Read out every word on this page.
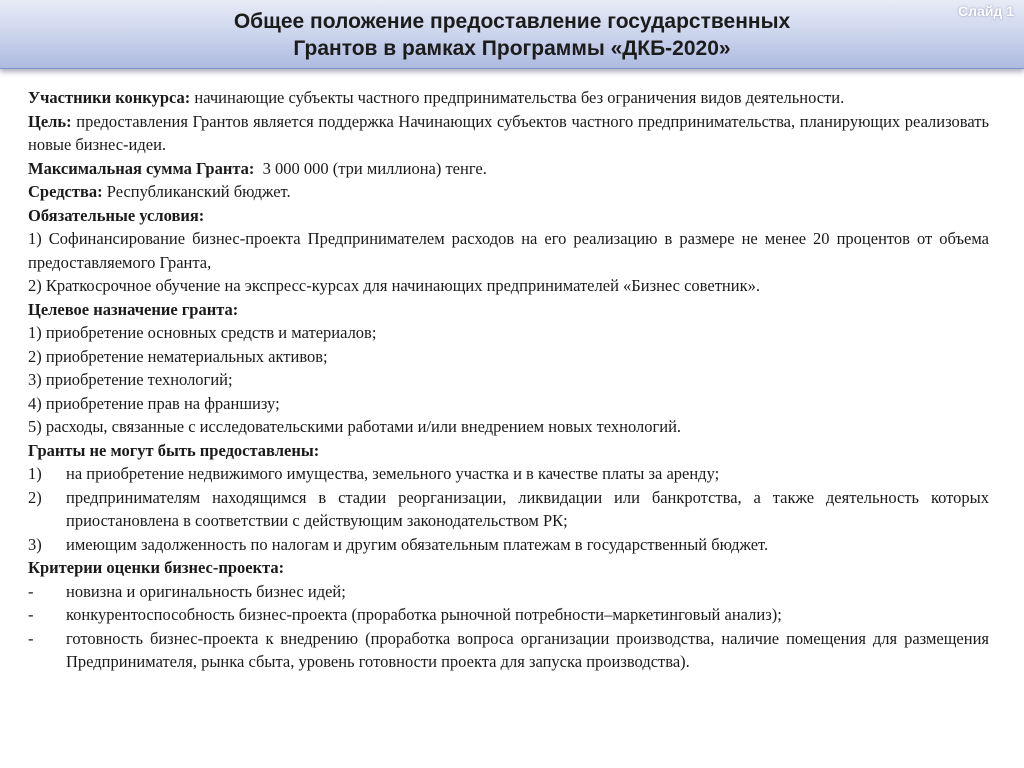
Общее положение предоставление государственных
Грантов в рамках Программы «ДКБ-2020»
Слайд 1
Участники конкурса: начинающие субъекты частного предпринимательства без ограничения видов деятельности.
Цель: предоставления Грантов является поддержка Начинающих субъектов частного предпринимательства, планирующих реализовать новые бизнес-идеи.
Максимальная сумма Гранта:  3 000 000 (три миллиона) тенге.
Средства: Республиканский бюджет.
Обязательные условия:
1) Софинансирование бизнес-проекта Предпринимателем расходов на его реализацию в размере не менее 20 процентов от объема предоставляемого Гранта,
2) Краткосрочное обучение на экспресс-курсах для начинающих предпринимателей «Бизнес советник».
Целевое назначение гранта:
1) приобретение основных средств и материалов;
2) приобретение нематериальных активов;
3) приобретение технологий;
4) приобретение прав на франшизу;
5) расходы, связанные с исследовательскими работами и/или внедрением новых технологий.
Гранты не могут быть предоставлены:
1)	на приобретение недвижимого имущества, земельного участка и в качестве платы за аренду;
2)	предпринимателям находящимся в стадии реорганизации, ликвидации или банкротства, а также деятельность которых приостановлена в соответствии с действующим законодательством РК;
3)	имеющим задолженность по налогам и другим обязательным платежам в государственный бюджет.
Критерии оценки бизнес-проекта:
-	новизна и оригинальность бизнес идей;
-	конкурентоспособность бизнес-проекта (проработка рыночной потребности–маркетинговый анализ);
-	готовность бизнес-проекта к внедрению (проработка вопроса организации производства, наличие помещения для размещения Предпринимателя, рынка сбыта, уровень готовности проекта для запуска производства).
